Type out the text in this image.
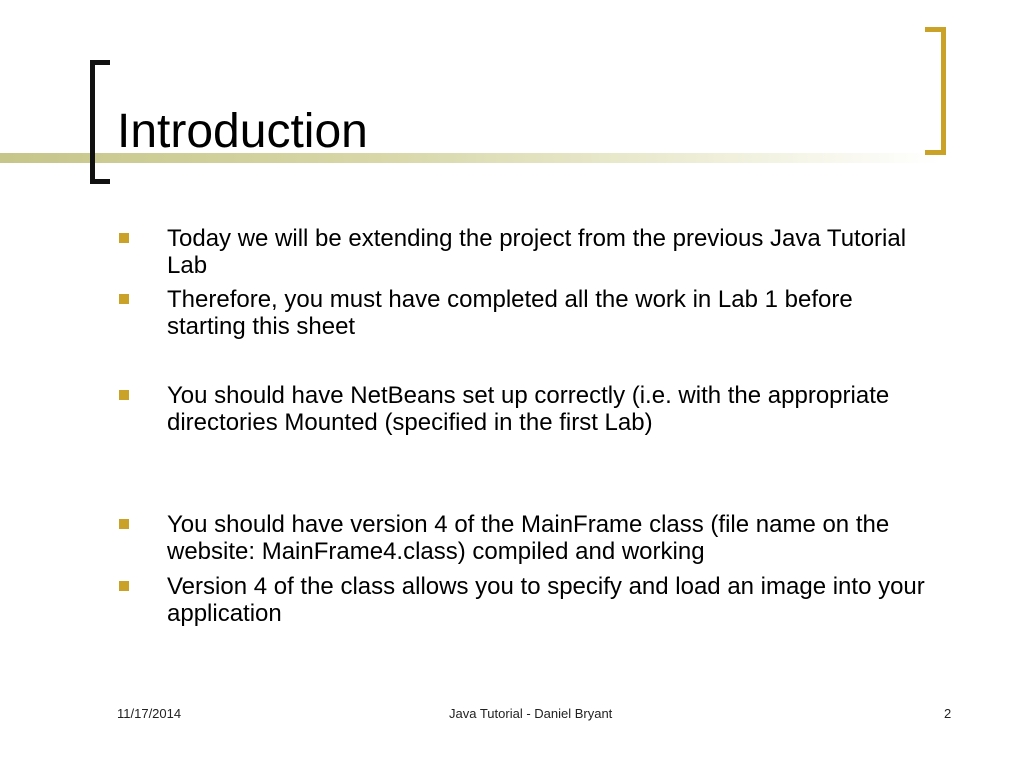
Introduction
Today we will be extending the project from the previous Java Tutorial Lab
Therefore, you must have completed all the work in Lab 1 before starting this sheet
You should have NetBeans set up correctly (i.e. with the appropriate directories Mounted (specified in the first Lab)
You should have version 4 of the MainFrame class (file name on the website: MainFrame4.class) compiled and working
Version 4 of the class allows you to specify and load an image into your application
11/17/2014	Java Tutorial - Daniel Bryant	2
